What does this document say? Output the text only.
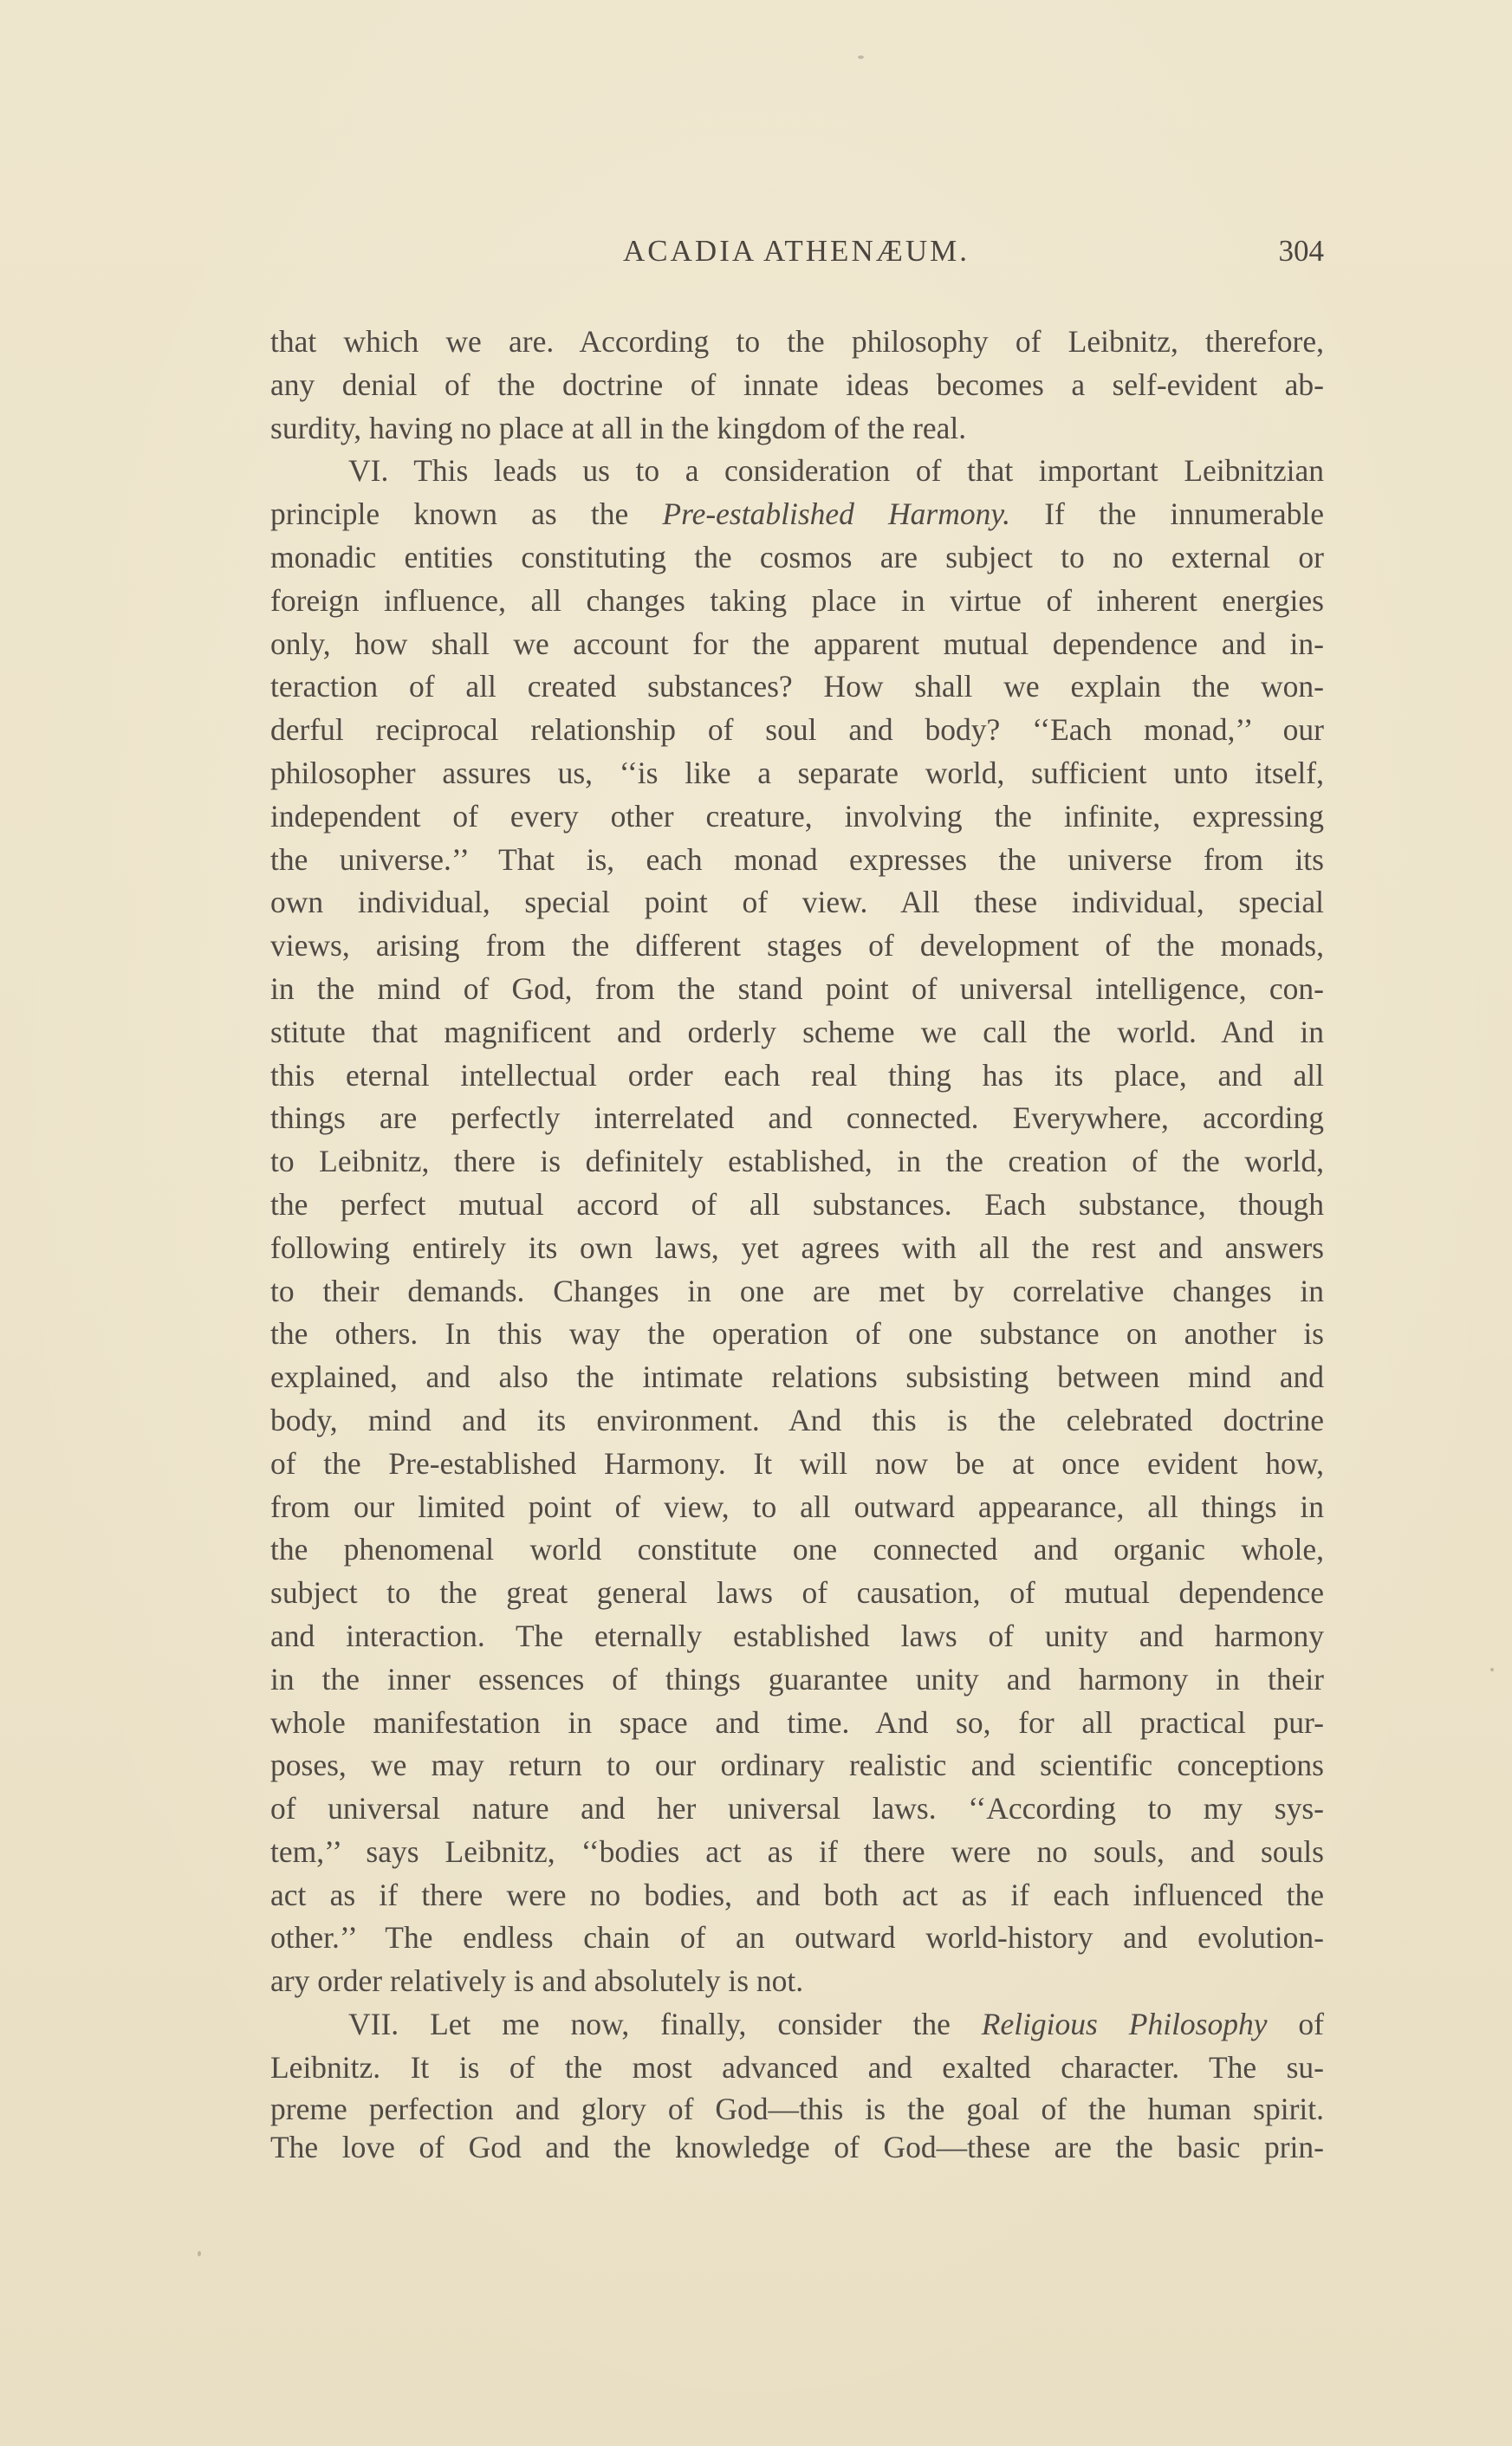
ACADIA ATHENÆUM.	304
that which we are. According to the philosophy of Leibnitz, therefore,
any denial of the doctrine of innate ideas becomes a self-evident ab-
surdity, having no place at all in the kingdom of the real.
VI. This leads us to a consideration of that important Leibnitzian
principle known as the Pre-established Harmony. If the innumerable
monadic entities constituting the cosmos are subject to no external or
foreign influence, all changes taking place in virtue of inherent energies
only, how shall we account for the apparent mutual dependence and in-
teraction of all created substances? How shall we explain the won-
derful reciprocal relationship of soul and body? ‘‘Each monad,’’ our
philosopher assures us, ‘‘is like a separate world, sufficient unto itself,
independent of every other creature, involving the infinite, expressing
the universe.’’ That is, each monad expresses the universe from its
own individual, special point of view. All these individual, special
views, arising from the different stages of development of the monads,
in the mind of God, from the stand point of universal intelligence, con-
stitute that magnificent and orderly scheme we call the world. And in
this eternal intellectual order each real thing has its place, and all
things are perfectly interrelated and connected. Everywhere, according
to Leibnitz, there is definitely established, in the creation of the world,
the perfect mutual accord of all substances. Each substance, though
following entirely its own laws, yet agrees with all the rest and answers
to their demands. Changes in one are met by correlative changes in
the others. In this way the operation of one substance on another is
explained, and also the intimate relations subsisting between mind and
body, mind and its environment. And this is the celebrated doctrine
of the Pre-established Harmony. It will now be at once evident how,
from our limited point of view, to all outward appearance, all things in
the phenomenal world constitute one connected and organic whole,
subject to the great general laws of causation, of mutual dependence
and interaction. The eternally established laws of unity and harmony
in the inner essences of things guarantee unity and harmony in their
whole manifestation in space and time. And so, for all practical pur-
poses, we may return to our ordinary realistic and scientific conceptions
of universal nature and her universal laws. ‘‘According to my sys-
tem,’’ says Leibnitz, ‘‘bodies act as if there were no souls, and souls
act as if there were no bodies, and both act as if each influenced the
other.’’ The endless chain of an outward world-history and evolution-
ary order relatively is and absolutely is not.
VII. Let me now, finally, consider the Religious Philosophy of
Leibnitz. It is of the most advanced and exalted character. The su-
preme perfection and glory of God—this is the goal of the human spirit.
The love of God and the knowledge of God—these are the basic prin-
